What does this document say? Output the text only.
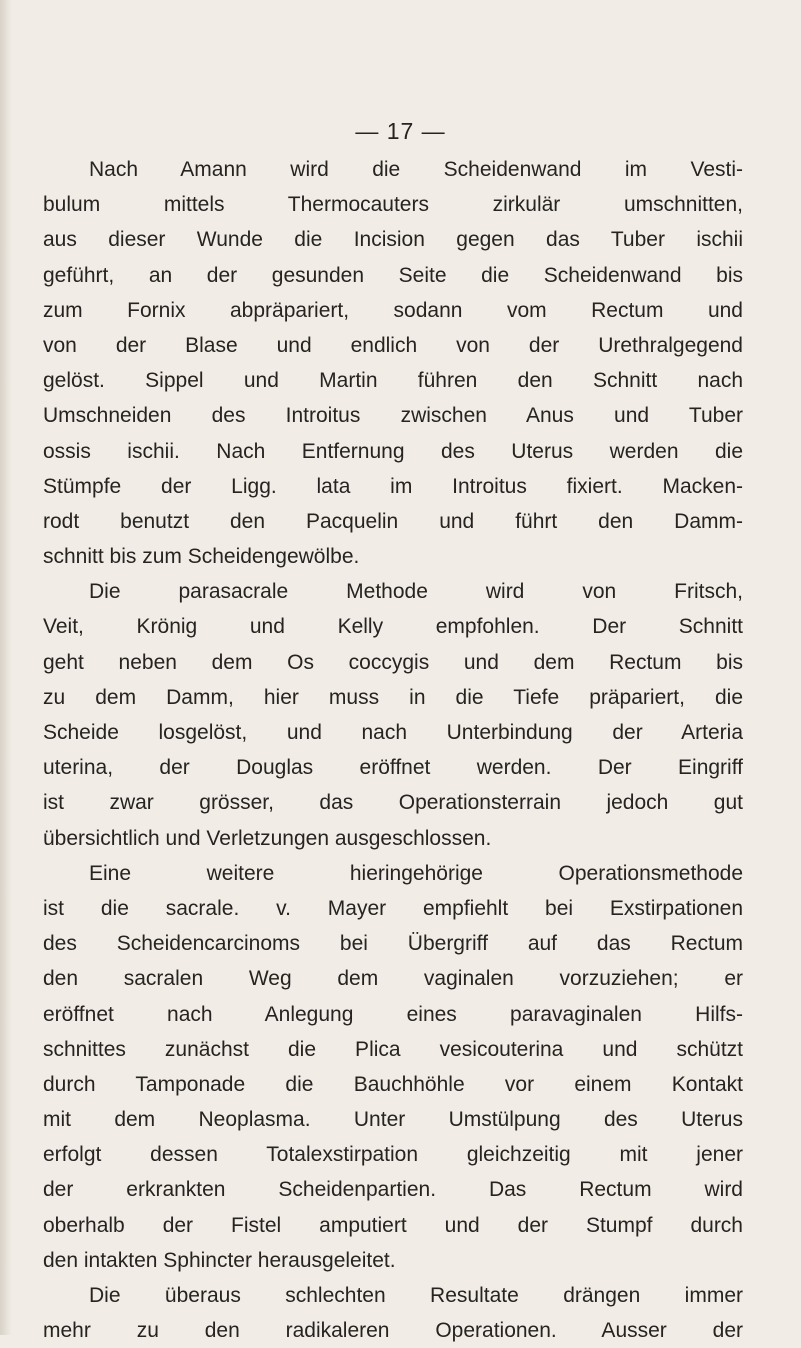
— 17 —
Nach Amann wird die Scheidenwand im Vesti-
bulum mittels Thermocauters zirkulär umschnitten,
aus dieser Wunde die Incision gegen das Tuber ischii
geführt, an der gesunden Seite die Scheidenwand bis
zum Fornix abpräpariert, sodann vom Rectum und
von der Blase und endlich von der Urethralgegend
gelöst. Sippel und Martin führen den Schnitt nach
Umschneiden des Introitus zwischen Anus und Tuber
ossis ischii. Nach Entfernung des Uterus werden die
Stümpfe der Ligg. lata im Introitus fixiert. Macken-
rodt benutzt den Pacquelin und führt den Damm-
schnitt bis zum Scheidengewölbe.
Die parasacrale Methode wird von Fritsch,
Veit, Krönig und Kelly empfohlen. Der Schnitt
geht neben dem Os coccygis und dem Rectum bis
zu dem Damm, hier muss in die Tiefe präpariert, die
Scheide losgelöst, und nach Unterbindung der Arteria
uterina, der Douglas eröffnet werden. Der Eingriff
ist zwar grösser, das Operationsterrain jedoch gut
übersichtlich und Verletzungen ausgeschlossen.
Eine weitere hieringehörige Operationsmethode
ist die sacrale. v. Mayer empfiehlt bei Exstirpationen
des Scheidencarcinoms bei Übergriff auf das Rectum
den sacralen Weg dem vaginalen vorzuziehen; er
eröffnet nach Anlegung eines paravaginalen Hilfs-
schnittes zunächst die Plica vesicouterina und schützt
durch Tamponade die Bauchhöhle vor einem Kontakt
mit dem Neoplasma. Unter Umstülpung des Uterus
erfolgt dessen Totalexstirpation gleichzeitig mit jener
der erkrankten Scheidenpartien. Das Rectum wird
oberhalb der Fistel amputiert und der Stumpf durch
den intakten Sphincter herausgeleitet.
Die überaus schlechten Resultate drängen immer
mehr zu den radikaleren Operationen. Ausser der
